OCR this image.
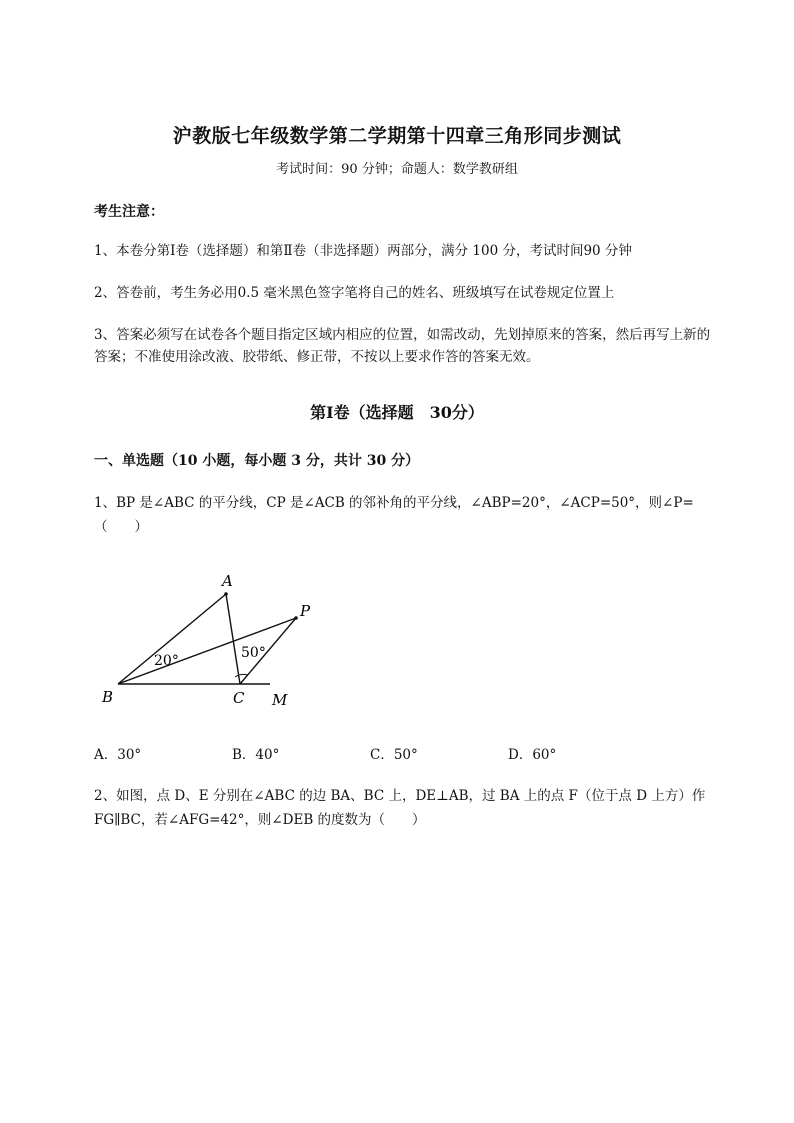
沪教版七年级数学第二学期第十四章三角形同步测试
考试时间：90 分钟；命题人：数学教研组
考生注意：
1、本卷分第Ⅰ卷（选择题）和第Ⅱ卷（非选择题）两部分，满分 100 分，考试时间90 分钟
2、答卷前，考生务必用0.5 毫米黑色签字笔将自己的姓名、班级填写在试卷规定位置上
3、答案必须写在试卷各个题目指定区域内相应的位置，如需改动，先划掉原来的答案，然后再写上新的答案；不准使用涂改液、胶带纸、修正带，不按以上要求作答的答案无效。
第Ⅰ卷（选择题　30分）
一、单选题（10 小题，每小题 3 分，共计 30 分）
1、BP 是∠ABC 的平分线，CP 是∠ACB 的邻补角的平分线，∠ABP=20°，∠ACP=50°，则∠P=（　　）
A
P
B	C M
20°	50°
A．30°	B．40°	C．50°	D．60°
2、如图，点 D、E 分别在∠ABC 的边 BA、BC 上，DE⊥AB，过 BA 上的点 F（位于点 D 上方）作 FG∥BC，若∠AFG=42°，则∠DEB 的度数为（　　）
